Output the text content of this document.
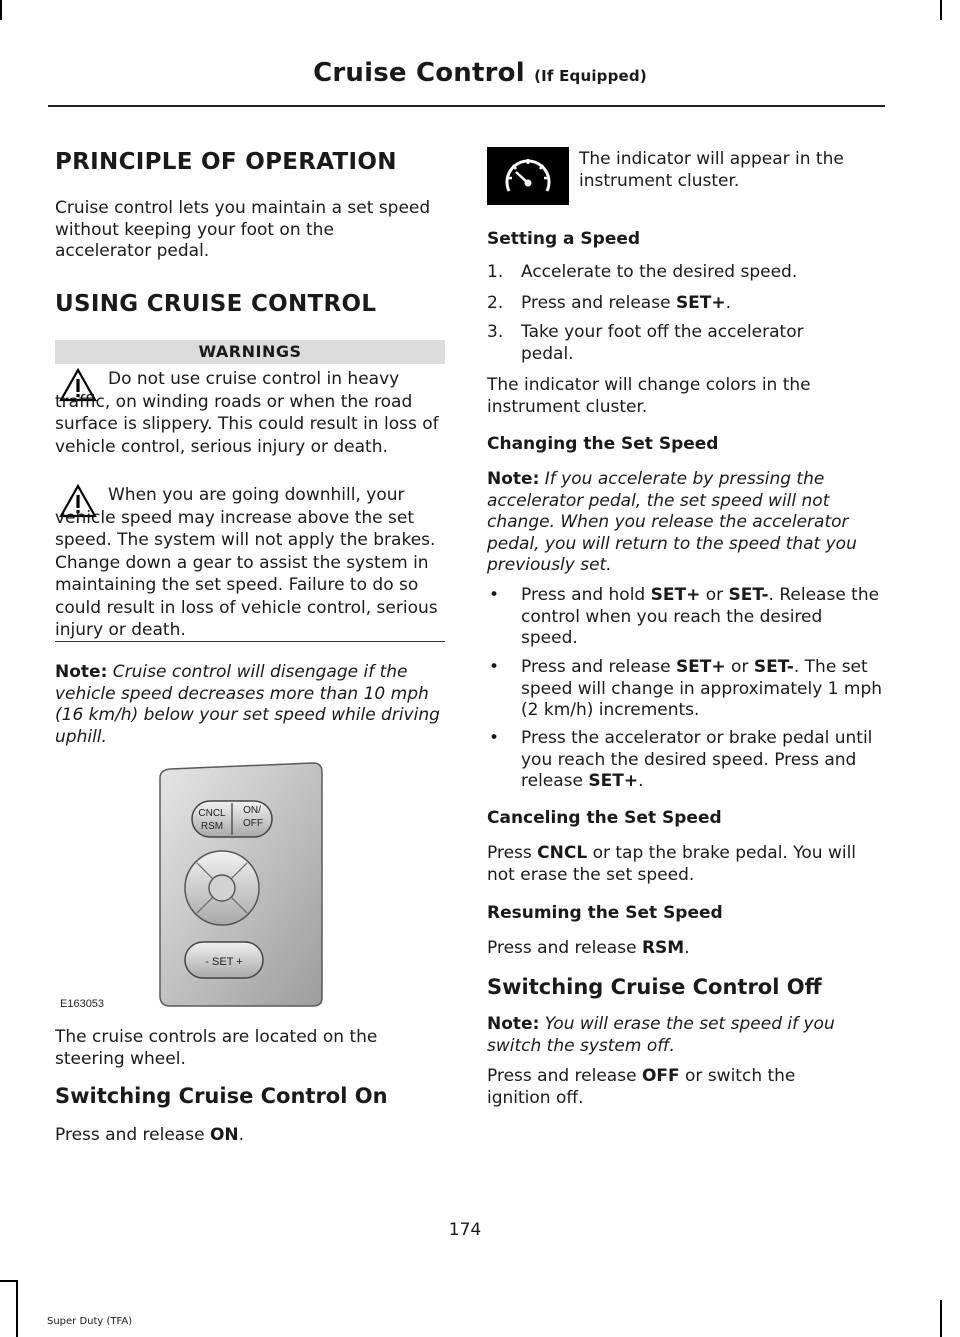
Cruise Control (If Equipped)
PRINCIPLE OF OPERATION

Cruise control lets you maintain a set speed without keeping your foot on the accelerator pedal.

USING CRUISE CONTROL
WARNINGS
Do not use cruise control in heavy traffic, on winding roads or when the road surface is slippery. This could result in loss of vehicle control, serious injury or death.
When you are going downhill, your vehicle speed may increase above the set speed. The system will not apply the brakes. Change down a gear to assist the system in maintaining the set speed. Failure to do so could result in loss of vehicle control, serious injury or death.

Note: Cruise control will disengage if the vehicle speed decreases more than 10 mph (16 km/h) below your set speed while driving uphill.

CNCL
RSM
ON/
OFF
- SET +
E163053

The cruise controls are located on the steering wheel.

Switching Cruise Control On

Press and release ON.

The indicator will appear in the instrument cluster.

Setting a Speed
1. Accelerate to the desired speed.

2. Press and release SET+.

3. Take your foot off the accelerator pedal.

The indicator will change colors in the instrument cluster.

Changing the Set Speed

Note: If you accelerate by pressing the accelerator pedal, the set speed will not change. When you release the accelerator pedal, you will return to the speed that you previously set.

• Press and hold SET+ or SET-. Release the control when you reach the desired speed.

• Press and release SET+ or SET-. The set speed will change in approximately 1 mph (2 km/h) increments.

• Press the accelerator or brake pedal until you reach the desired speed. Press and release SET+.

Canceling the Set Speed

Press CNCL or tap the brake pedal. You will not erase the set speed.

Resuming the Set Speed

Press and release RSM.

Switching Cruise Control Off

Note: You will erase the set speed if you switch the system off.

Press and release OFF or switch the ignition off.

174
Super Duty (TFA)
